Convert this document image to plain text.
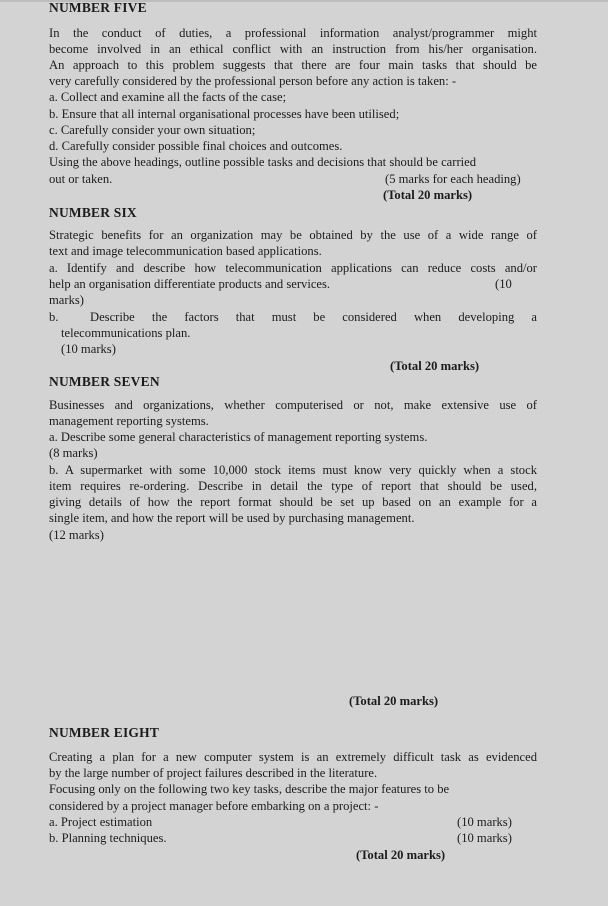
NUMBER FIVE
In the conduct of duties, a professional information analyst/programmer might
become involved in an ethical conflict with an instruction from his/her organisation.
An approach to this problem suggests that there are four main tasks that should be
very carefully considered by the professional person before any action is taken: -
a. Collect and examine all the facts of the case;
b. Ensure that all internal organisational processes have been utilised;
c. Carefully consider your own situation;
d. Carefully consider possible final choices and outcomes.
Using the above headings, outline possible tasks and decisions that should be carried
out or taken.	(5 marks for each heading)
(Total 20 marks)
NUMBER SIX
Strategic benefits for an organization may be obtained by the use of a wide range of
text and image telecommunication based applications.
a. Identify and describe how telecommunication applications can reduce costs and/or
help an organisation differentiate products and services.	(10
marks)
b.	Describe the factors that must be considered when developing a
telecommunications plan.
(10 marks)
(Total 20 marks)
NUMBER SEVEN
Businesses and organizations, whether computerised or not, make extensive use of
management reporting systems.
a. Describe some general characteristics of management reporting systems.
(8 marks)
b. A supermarket with some 10,000 stock items must know very quickly when a stock
item requires re-ordering. Describe in detail the type of report that should be used,
giving details of how the report format should be set up based on an example for a
single item, and how the report will be used by purchasing management.
(12 marks)
(Total 20 marks)
NUMBER EIGHT
Creating a plan for a new computer system is an extremely difficult task as evidenced
by the large number of project failures described in the literature.
Focusing only on the following two key tasks, describe the major features to be
considered by a project manager before embarking on a project: -
a. Project estimation	(10 marks)
b. Planning techniques.	(10 marks)
(Total 20 marks)
